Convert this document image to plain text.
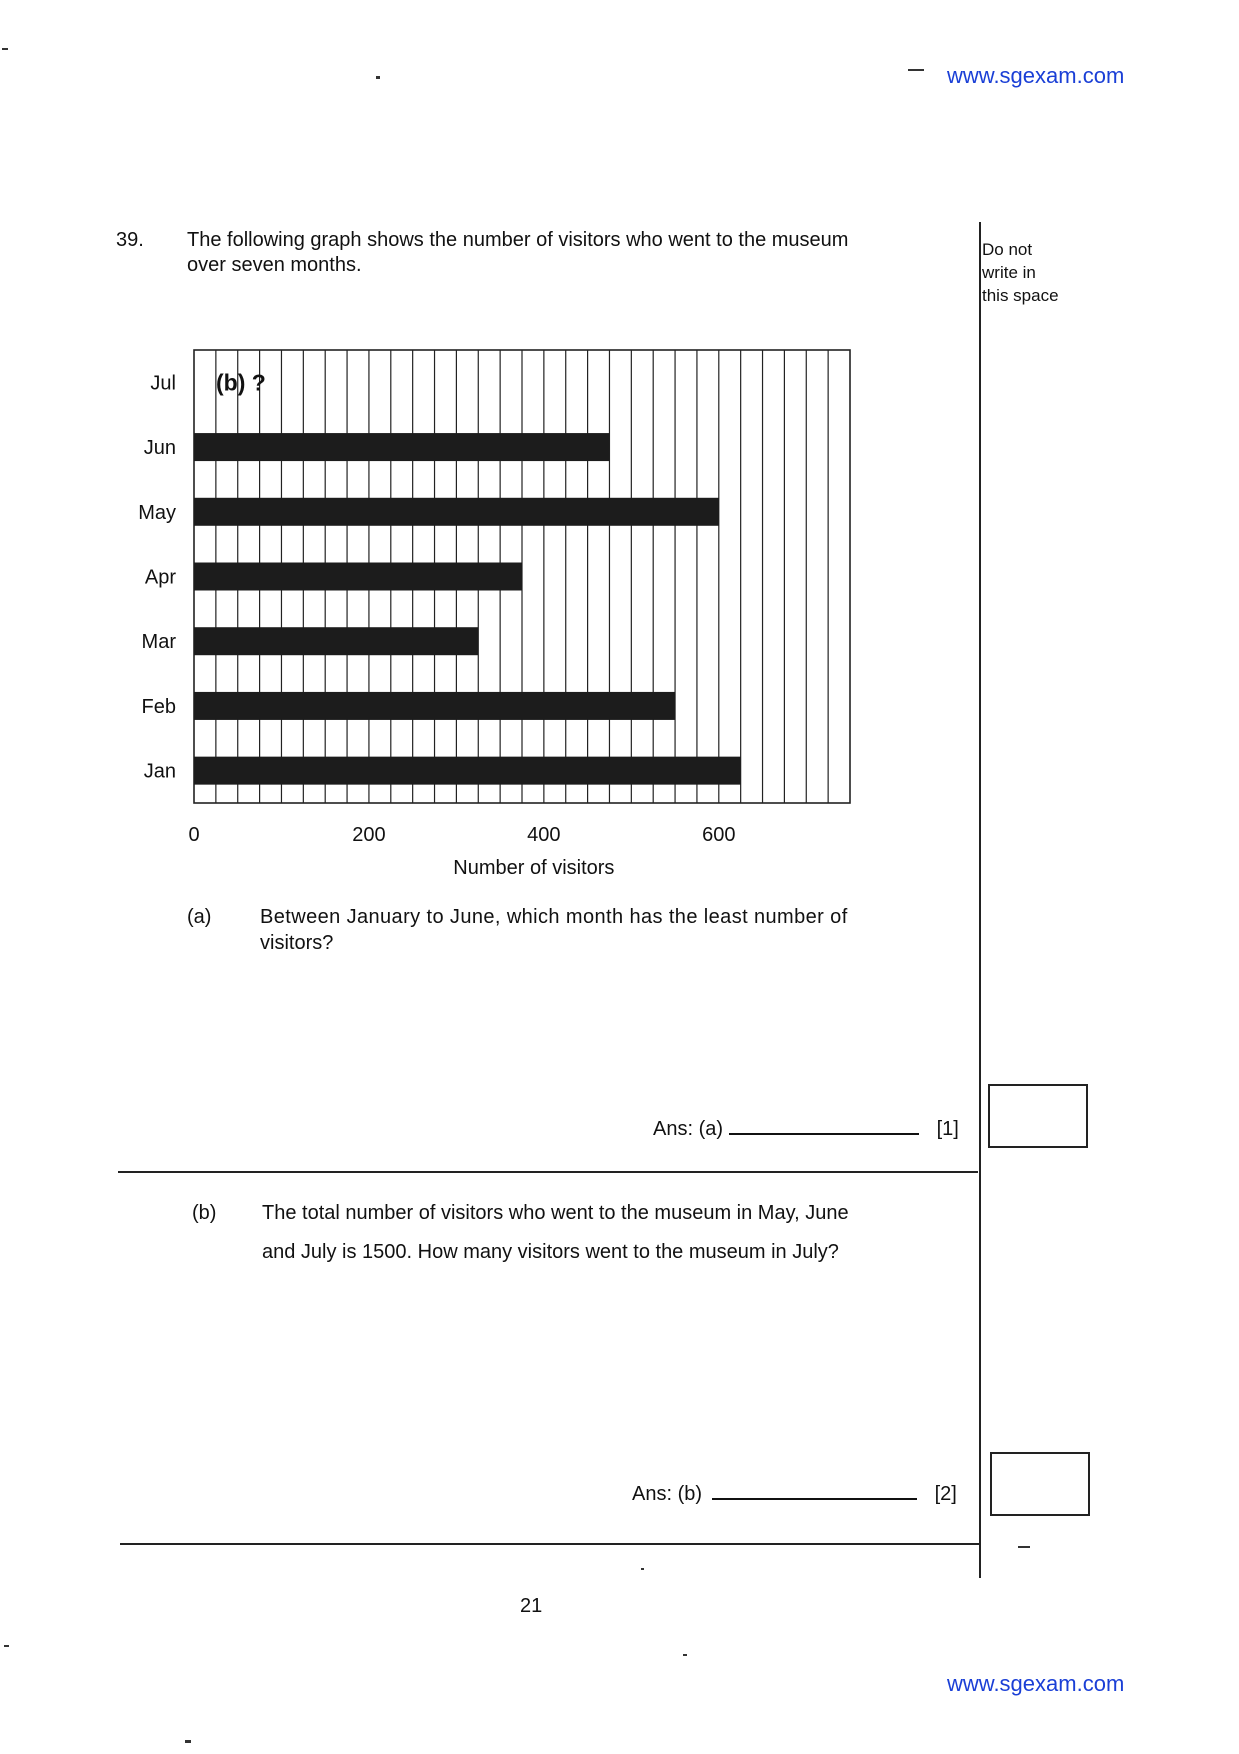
www.sgexam.com
39. The following graph shows the number of visitors who went to the museum
over seven months.
Do not
write in
this space
Jul
Jun
May
Apr
Mar
Feb
Jan
0	200	400	600
(b) ?
Number of visitors
(a) Between January to June, which month has the least number of
visitors?
Ans: (a)	[1]
(b) The total number of visitors who went to the museum in May, June
and July is 1500. How many visitors went to the museum in July?
Ans: (b)	[2]
21
www.sgexam.com
